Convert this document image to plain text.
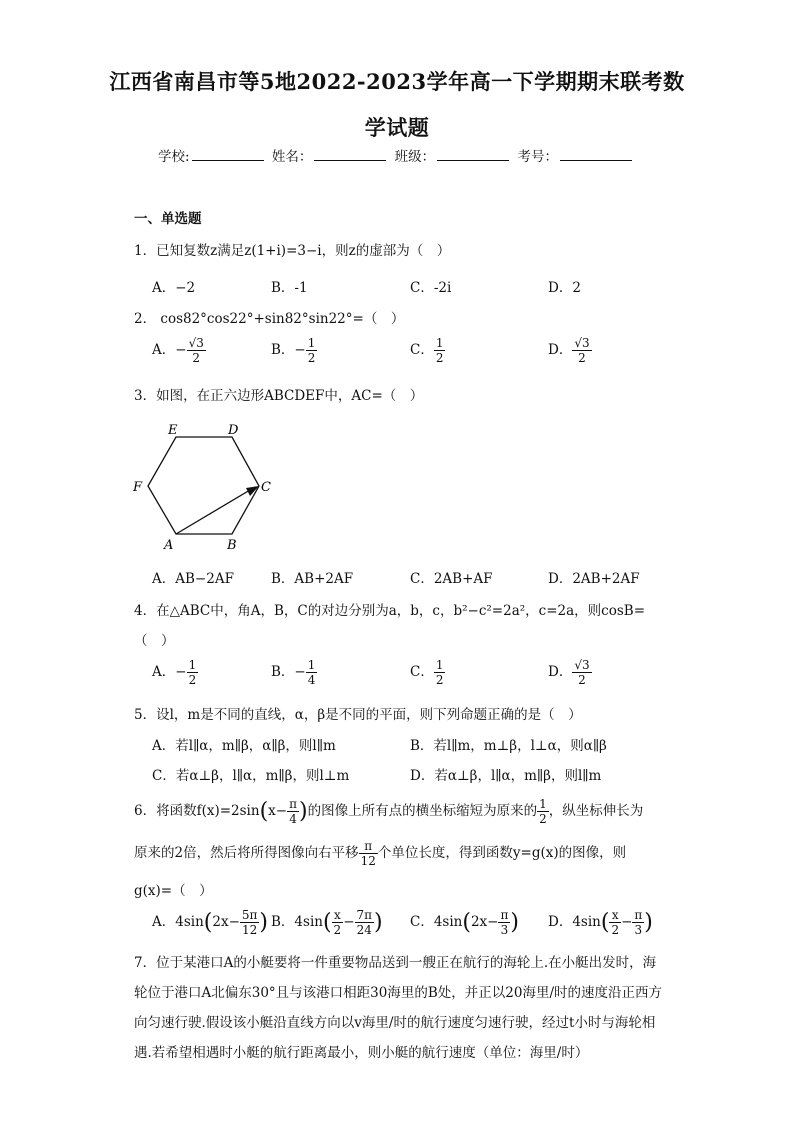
江西省南昌市等5地2022-2023学年高一下学期期末联考数
学试题
学校:	姓名：	班级：	考号：
一、单选题
1．已知复数z满足z(1+i)=3−i，则z的虚部为（　）
A．−2	B．-1	C．-2i	D．2
2． cos82°cos22°+sin82°sin22°=（　）
A．− $\frac{√3}{2}$	B．− $\frac{1}{2}$	C． $\frac{1}{2}$	D． $\frac{√3}{2}$
3．如图，在正六边形ABCDEF中，AC=（　）
E	D
F	C
A	B
A．AB−2AF	B．AB+2AF	C．2AB+AF	D．2AB+2AF
4．在△ABC中，角A，B，C的对边分别为a，b，c，b²−c²=2a²，c=2a，则cosB=
（　）
A．− $\frac{1}{2}$	B．− $\frac{1}{4}$	C． $\frac{1}{2}$	D． $\frac{√3}{2}$
5．设l，m是不同的直线，α，β是不同的平面，则下列命题正确的是（　）
A．若l∥α，m∥β，α∥β，则l∥m	B．若l∥m，m⊥β，l⊥α，则α∥β
C．若α⊥β，l∥α，m∥β，则l⊥m	D．若α⊥β，l∥α，m∥β，则l∥m
6．将函数$f(x)=2\sin(x- \frac{\pi}{4}$ )的图像上所有点的横坐标缩短为原来的 $\frac{1}{2}$ ，纵坐标伸长为
原来的2倍，然后将所得图像向右平移 $\frac{\pi}{12}$ 个单位长度，得到函数y=g(x)的图像，则
g(x)=（　）
A．$4\sin(2x- \frac{5\pi}{12}$ ) B．$4\sin( \frac{x}{2} - \frac{7\pi}{24}$ ) C．$4\sin(2x- \frac{\pi}{3}$ ) D．$4\sin( \frac{x}{2} - \frac{\pi}{3}$ )
7．位于某港口A的小艇要将一件重要物品送到一艘正在航行的海轮上.在小艇出发时，海轮位于港口A北偏东30°且与该港口相距30海里的B处，并正以20海里/时的速度沿正西方向匀速行驶.假设该小艇沿直线方向以v海里/时的航行速度匀速行驶，经过t小时与海轮相遇.若希望相遇时小艇的航行距离最小，则小艇的航行速度（单位：海里/时）
